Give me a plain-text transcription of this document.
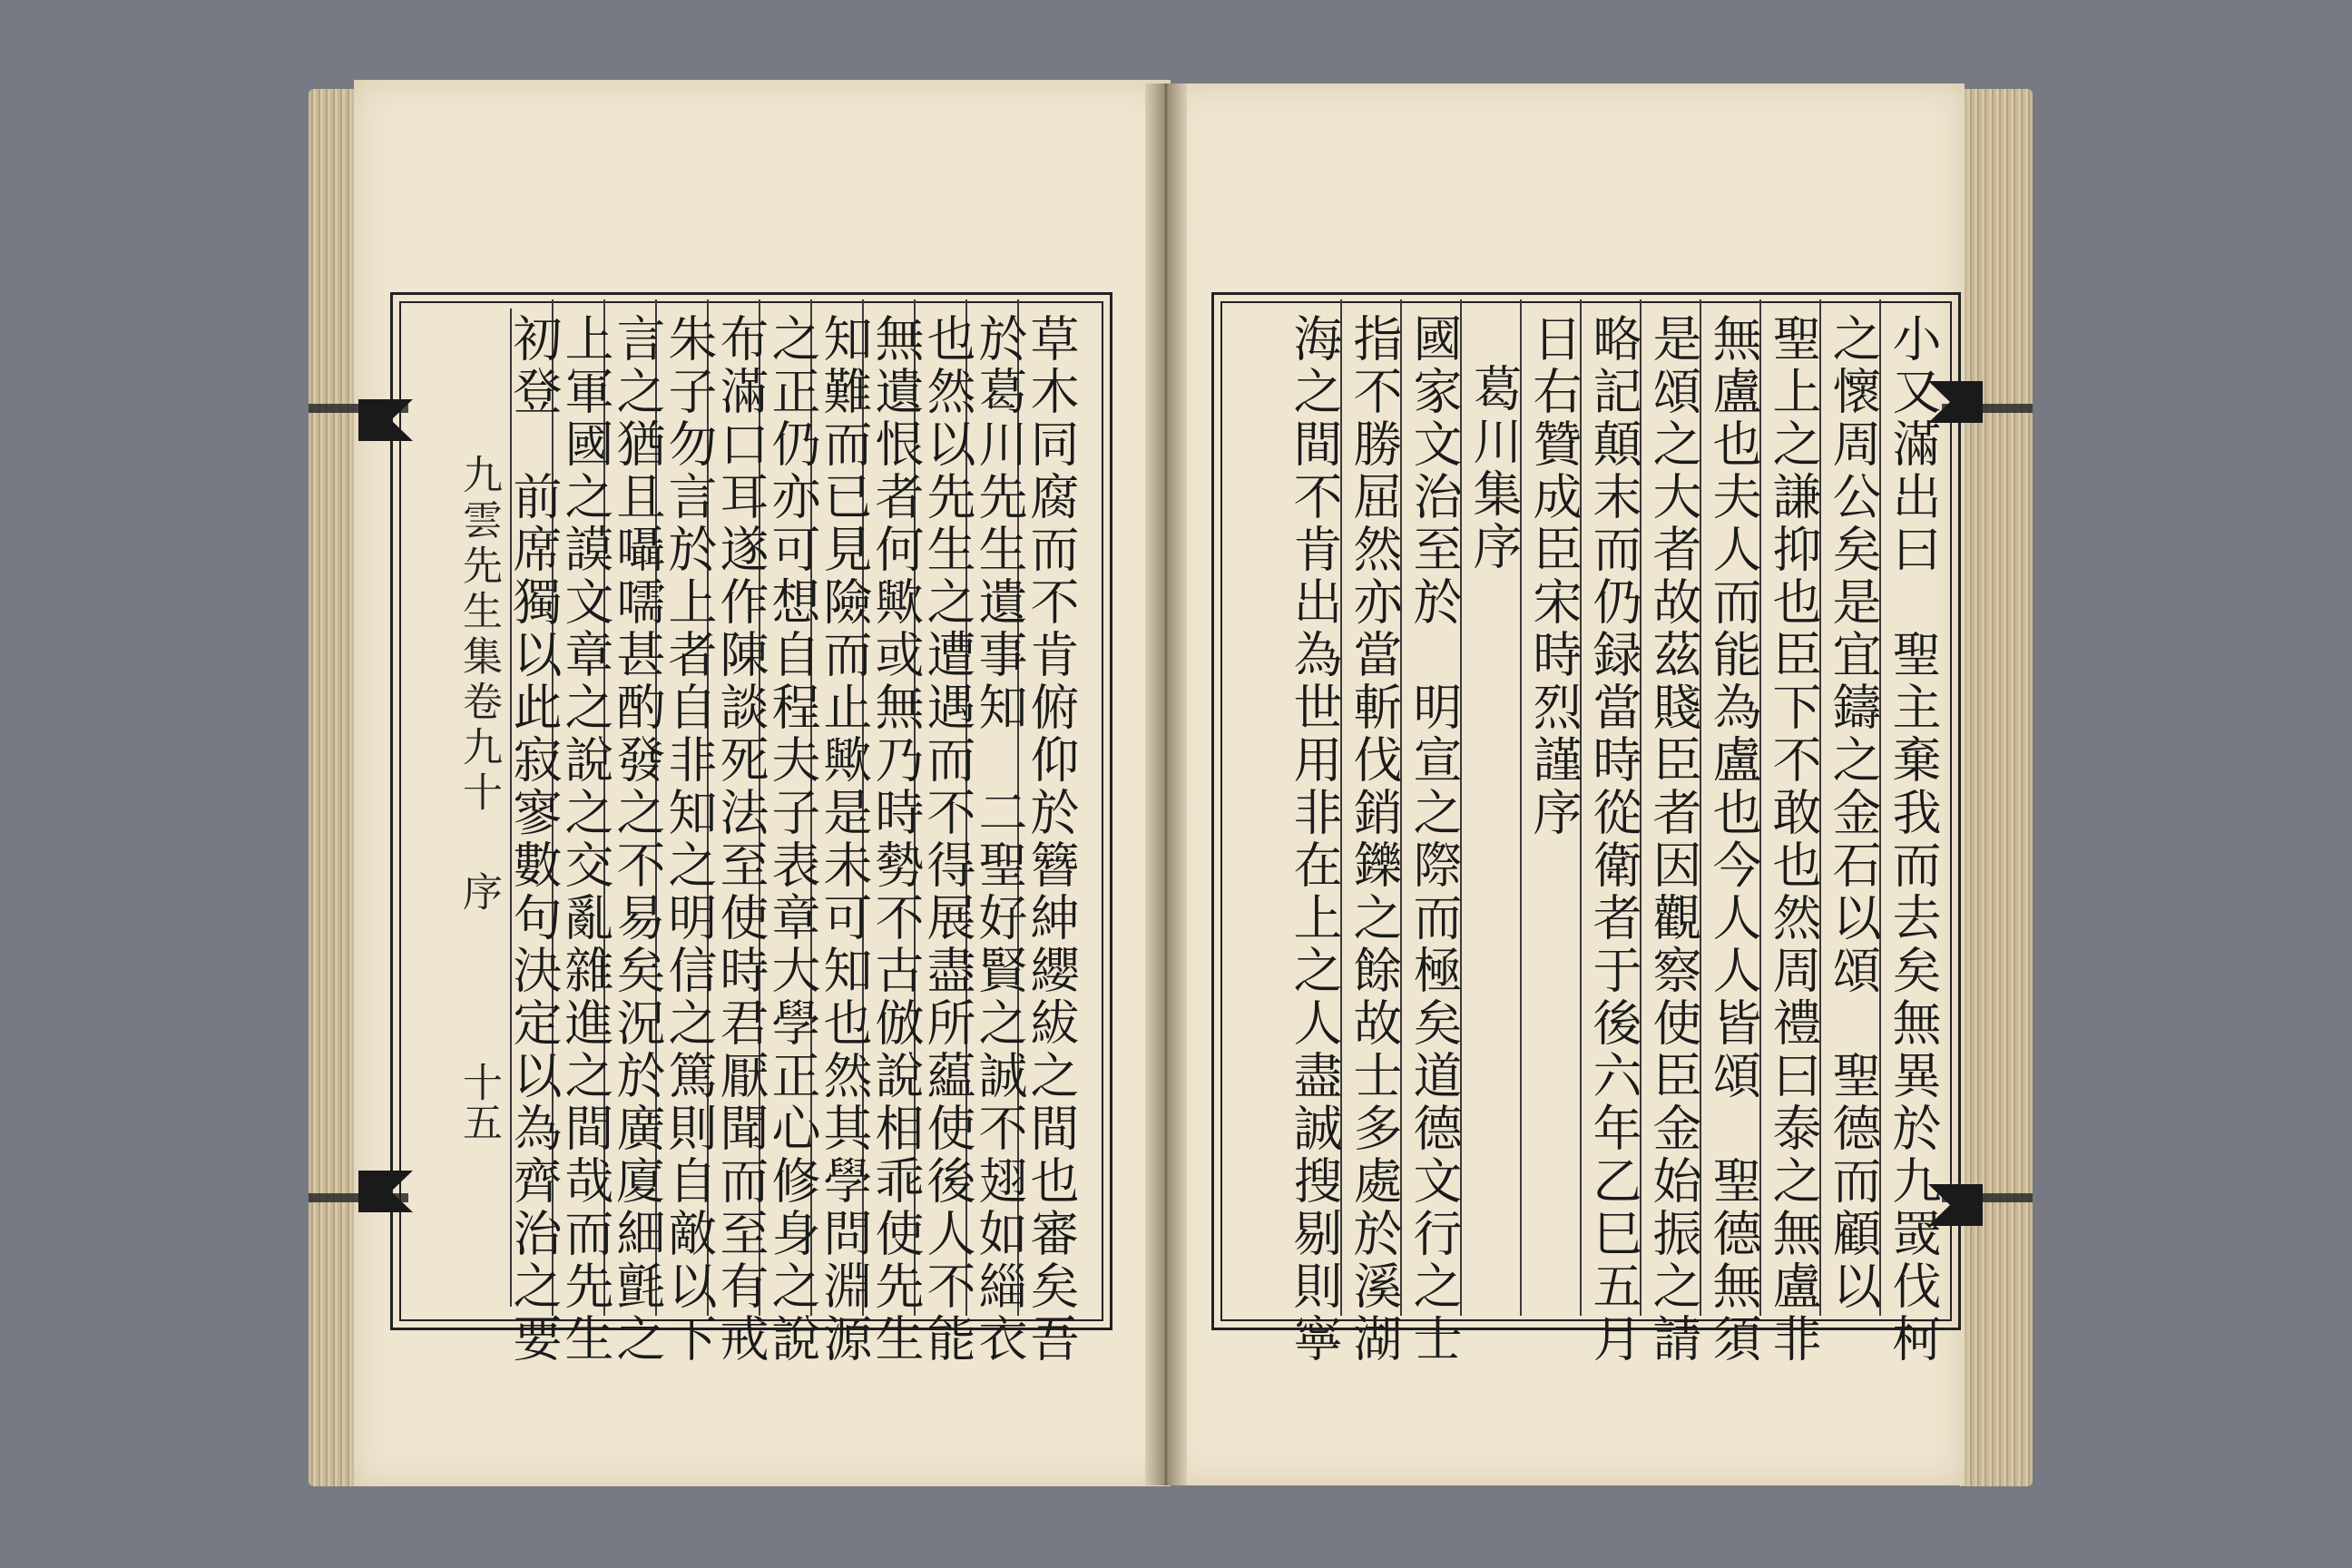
九雲先生集卷九十
序
十五	草木同腐而不肯俯仰於簪紳纓紱之間也審矣吾
於葛川先生遺事知　二聖好賢之誠不翅如緇衣
也然以先生之遭遇而不得展盡所藴使後人不能
無遺恨者何歟或無乃時勢不古倣說相乖使先生
知難而已見險而止歟是未可知也然其學問淵源
之正仍亦可想自程夫子表章大學正心修身之說
布滿口耳遂作陳談死法至使時君厭聞而至有戒
朱子勿言於上者自非知之明信之篤則自敵以下
言之猶且囁嚅甚酌發之不易矣況於廣廈細氈之
上軍國之謨文章之說之交亂雜進之間哉而先生
初登　前席獨以此寂寥數句決定以為齊治之要	小又滿出曰　聖主棄我而去矣無異於九罭伐柯
之懷周公矣是宜鑄之金石以頌　聖德而顧以
聖上之謙抑也臣下不敢也然周禮曰泰之無盧非
無盧也夫人而能為盧也今人人皆頌　聖德無須
是頌之大者故茲賤臣者因觀察使臣金始振之請
略記顛末而仍録當時從衛者于後六年乙巳五月
日右贊成臣宋時烈謹序
葛川集序
國家文治至於　明宣之際而極矣道德文行之士
指不勝屈然亦當斬伐銷鑠之餘故士多處於溪湖
海之間不肯出為世用非在上之人盡誠搜剔則寧
